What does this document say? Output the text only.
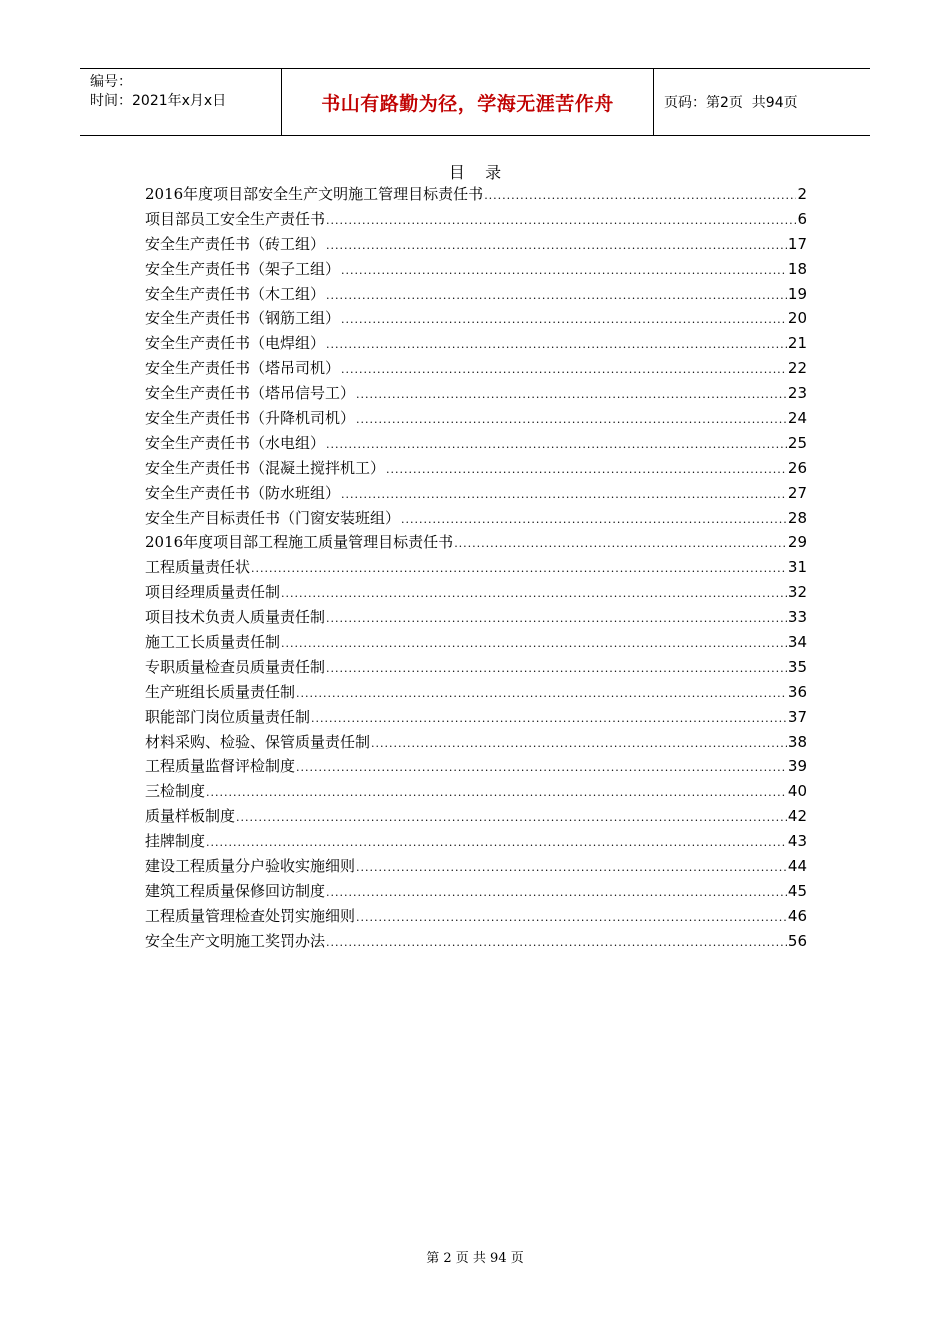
编号：
时间：2021年x月x日	书山有路勤为径，学海无涯苦作舟	页码：第2页  共94页
目    录
2016年度项目部安全生产文明施工管理目标责任书 .....	2
项目部员工安全生产责任书 .....	6
安全生产责任书（砖工组） .....	17
安全生产责任书（架子工组） .....	18
安全生产责任书（木工组） .....	19
安全生产责任书（钢筋工组） .....	20
安全生产责任书（电焊组） .....	21
安全生产责任书（塔吊司机） .....	22
安全生产责任书（塔吊信号工） .....	23
安全生产责任书（升降机司机） .....	24
安全生产责任书（水电组） .....	25
安全生产责任书（混凝土搅拌机工） .....	26
安全生产责任书（防水班组） .....	27
安全生产目标责任书（门窗安装班组） .....	28
2016年度项目部工程施工质量管理目标责任书 .....	29
工程质量责任状 .....	31
项目经理质量责任制 .....	32
项目技术负责人质量责任制 .....	33
施工工长质量责任制 .....	34
专职质量检查员质量责任制 .....	35
生产班组长质量责任制 .....	36
职能部门岗位质量责任制 .....	37
材料采购、检验、保管质量责任制 .....	38
工程质量监督评检制度 .....	39
三检制度 .....	40
质量样板制度 .....	42
挂牌制度 .....	43
建设工程质量分户验收实施细则 .....	44
建筑工程质量保修回访制度 .....	45
工程质量管理检查处罚实施细则 .....	46
安全生产文明施工奖罚办法 .....	56
第 2 页 共 94 页
